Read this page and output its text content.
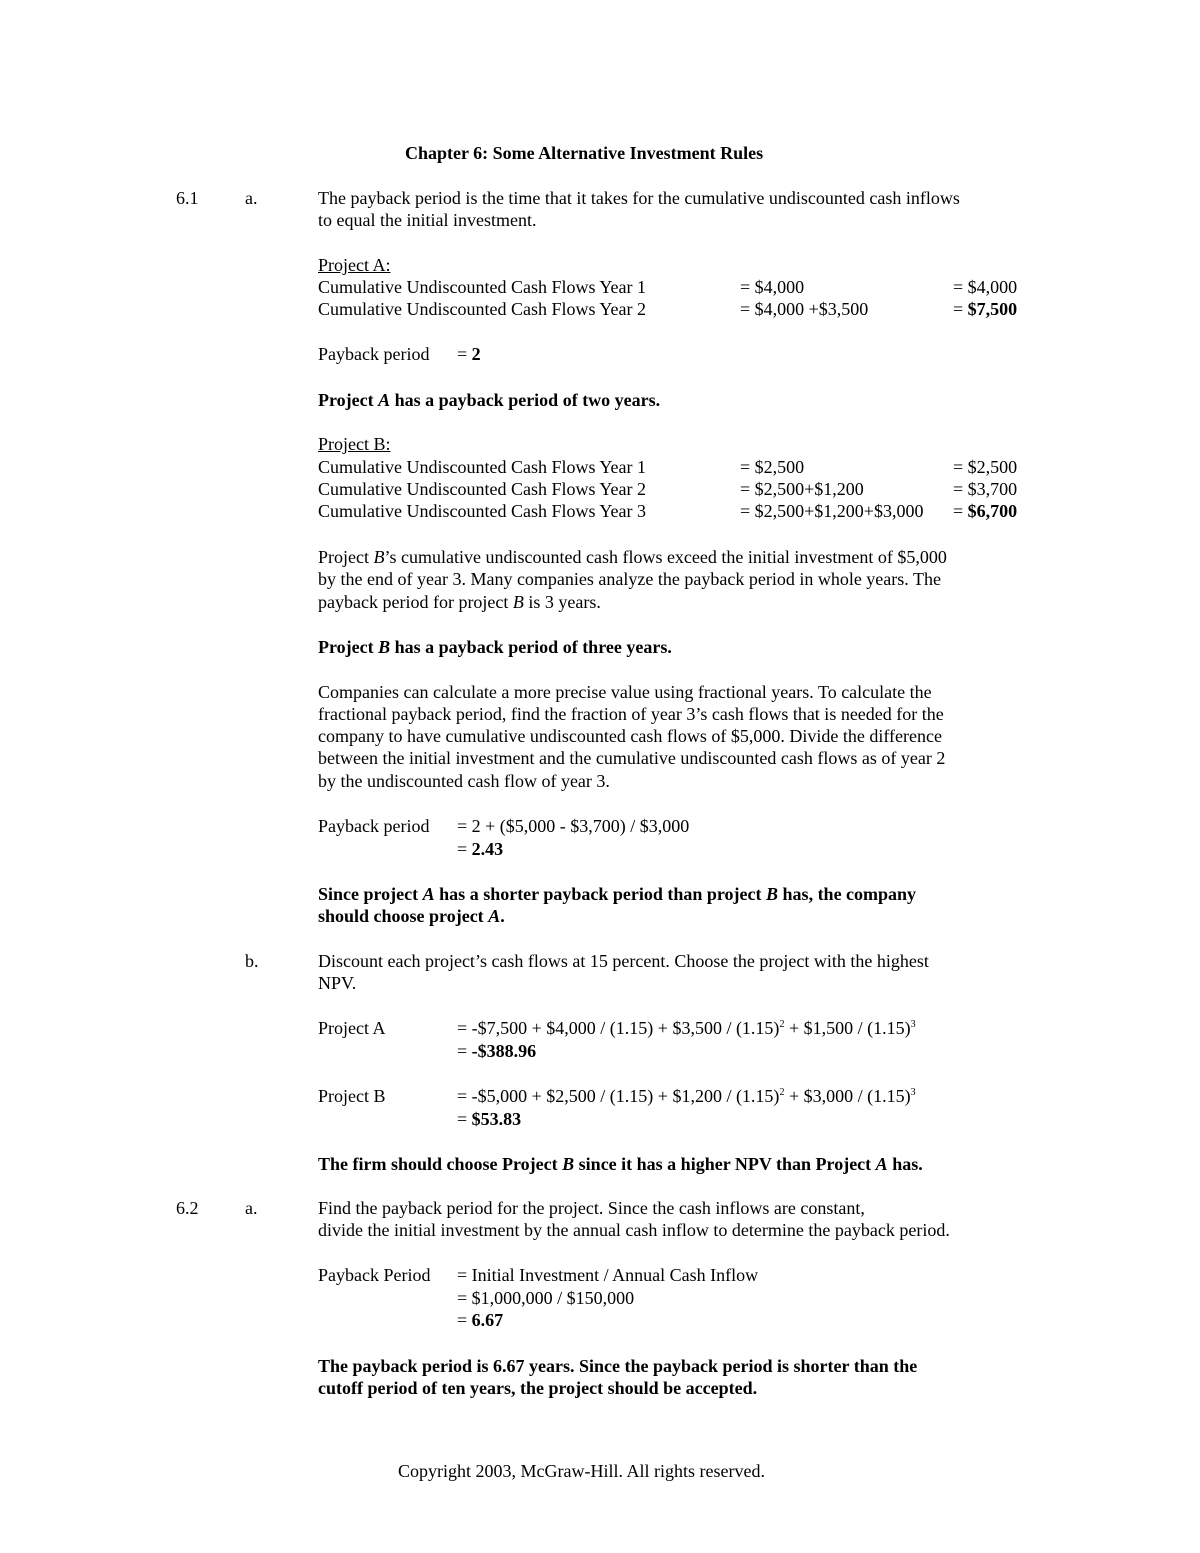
Chapter 6: Some Alternative Investment Rules
6.1	a.	The payback period is the time that it takes for the cumulative undiscounted cash inflows
to equal the initial investment.
Project A:
Cumulative Undiscounted Cash Flows Year 1	= $4,000	= $4,000
Cumulative Undiscounted Cash Flows Year 2	= $4,000 +$3,500	= $7,500
Payback period = 2
Project A has a payback period of two years.
Project B:
Cumulative Undiscounted Cash Flows Year 1	= $2,500	= $2,500
Cumulative Undiscounted Cash Flows Year 2	= $2,500+$1,200	= $3,700
Cumulative Undiscounted Cash Flows Year 3	= $2,500+$1,200+$3,000 = $6,700
Project B’s cumulative undiscounted cash flows exceed the initial investment of $5,000
by the end of year 3. Many companies analyze the payback period in whole years. The
payback period for project B is 3 years.
Project B has a payback period of three years.
Companies can calculate a more precise value using fractional years. To calculate the
fractional payback period, find the fraction of year 3’s cash flows that is needed for the
company to have cumulative undiscounted cash flows of $5,000. Divide the difference
between the initial investment and the cumulative undiscounted cash flows as of year 2
by the undiscounted cash flow of year 3.
Payback period = 2 + ($5,000 - $3,700) / $3,000
= 2.43
Since project A has a shorter payback period than project B has, the company
should choose project A.
b.	Discount each project’s cash flows at 15 percent. Choose the project with the highest
NPV.
Project A	= -$7,500 + $4,000 / (1.15) + $3,500 / $(1.15)^2$ + $1,500 / $(1.15)^3$
= -$388.96
Project B	= -$5,000 + $2,500 / (1.15) + $1,200 / $(1.15)^2$ + $3,000 / $(1.15)^3$
= $53.83
The firm should choose Project B since it has a higher NPV than Project A has.
6.2	a.	Find the payback period for the project. Since the cash inflows are constant,
divide the initial investment by the annual cash inflow to determine the payback period.
Payback Period = Initial Investment / Annual Cash Inflow
= $1,000,000 / $150,000
= 6.67
The payback period is 6.67 years. Since the payback period is shorter than the
cutoff period of ten years, the project should be accepted.
Copyright 2003, McGraw-Hill. All rights reserved.
